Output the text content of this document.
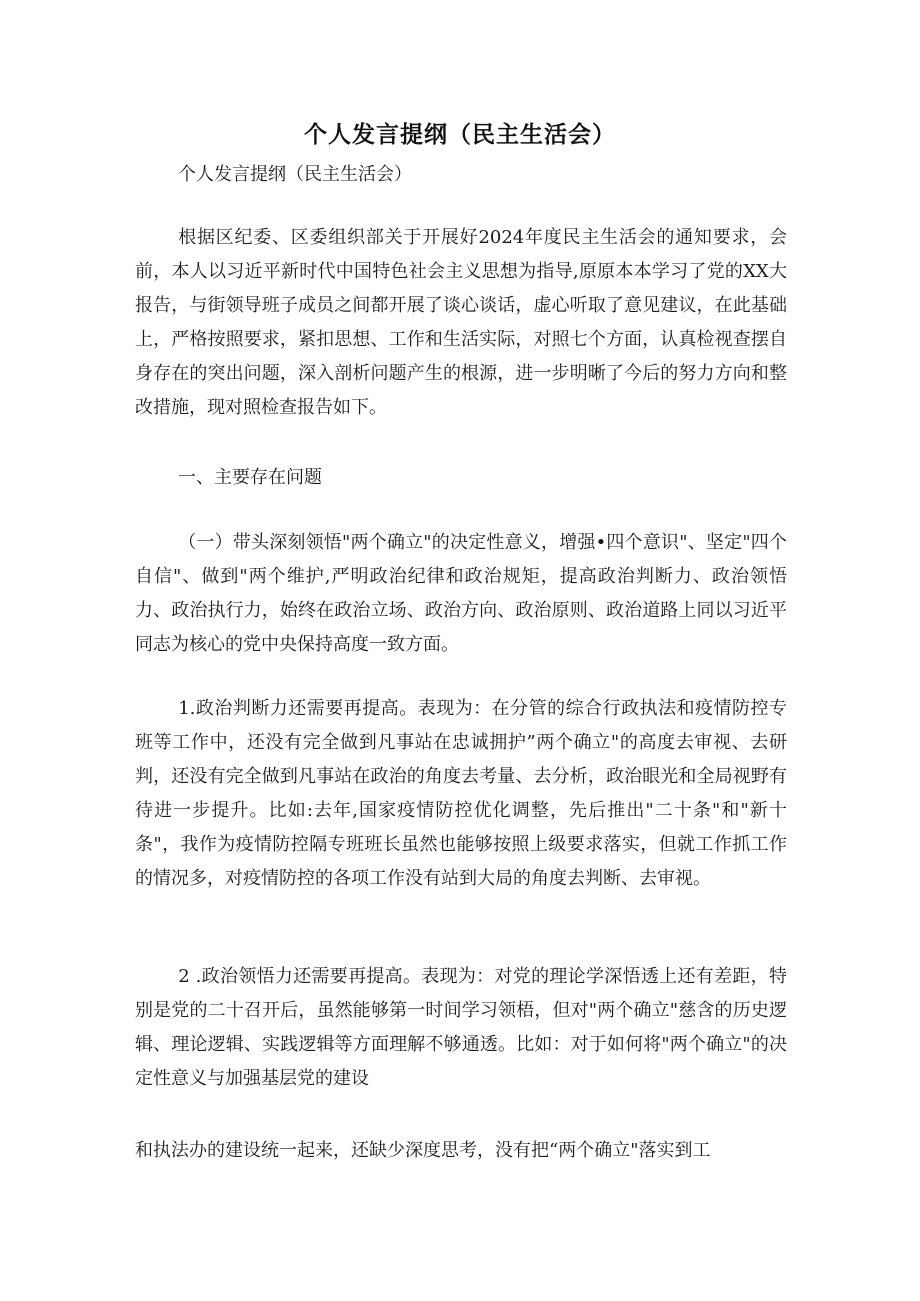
个人发言提纲（民主生活会）
个人发言提纲（民主生活会）
根据区纪委、区委组织部关于开展好2024年度民主生活会的通知要求，会前，本人以习近平新时代中国特色社会主义思想为指导,原原本本学习了党的XX大报告，与街领导班子成员之间都开展了谈心谈话，虚心听取了意见建议，在此基础上，严格按照要求，紧扣思想、工作和生活实际，对照七个方面，认真检视查摆自身存在的突出问题，深入剖析问题产生的根源，进一步明晰了今后的努力方向和整改措施，现对照检查报告如下。
一、主要存在问题
（一）带头深刻领悟"两个确立"的决定性意义，增强•四个意识"、坚定"四个自信"、做到"两个维护,严明政治纪律和政治规矩，提高政治判断力、政治领悟力、政治执行力，始终在政治立场、政治方向、政治原则、政治道路上同以习近平同志为核心的党中央保持高度一致方面。
1.政治判断力还需要再提高。表现为：在分管的综合行政执法和疫情防控专班等工作中，还没有完全做到凡事站在忠诚拥护”两个确立"的高度去审视、去研判，还没有完全做到凡事站在政治的角度去考量、去分析，政治眼光和全局视野有待进一步提升。比如:去年,国家疫情防控优化调整，先后推出"二十条"和"新十条"，我作为疫情防控隔专班班长虽然也能够按照上级要求落实，但就工作抓工作的情况多，对疫情防控的各项工作没有站到大局的角度去判断、去审视。
2 .政治领悟力还需要再提高。表现为：对党的理论学深悟透上还有差距，特别是党的二十召开后，虽然能够第一时间学习领梧，但对"两个确立"慈含的历史逻辑、理论逻辑、实践逻辑等方面理解不够通透。比如：对于如何将"两个确立"的决定性意义与加强基层党的建设
和执法办的建设统一起来，还缺少深度思考，没有把“两个确立"落实到工
